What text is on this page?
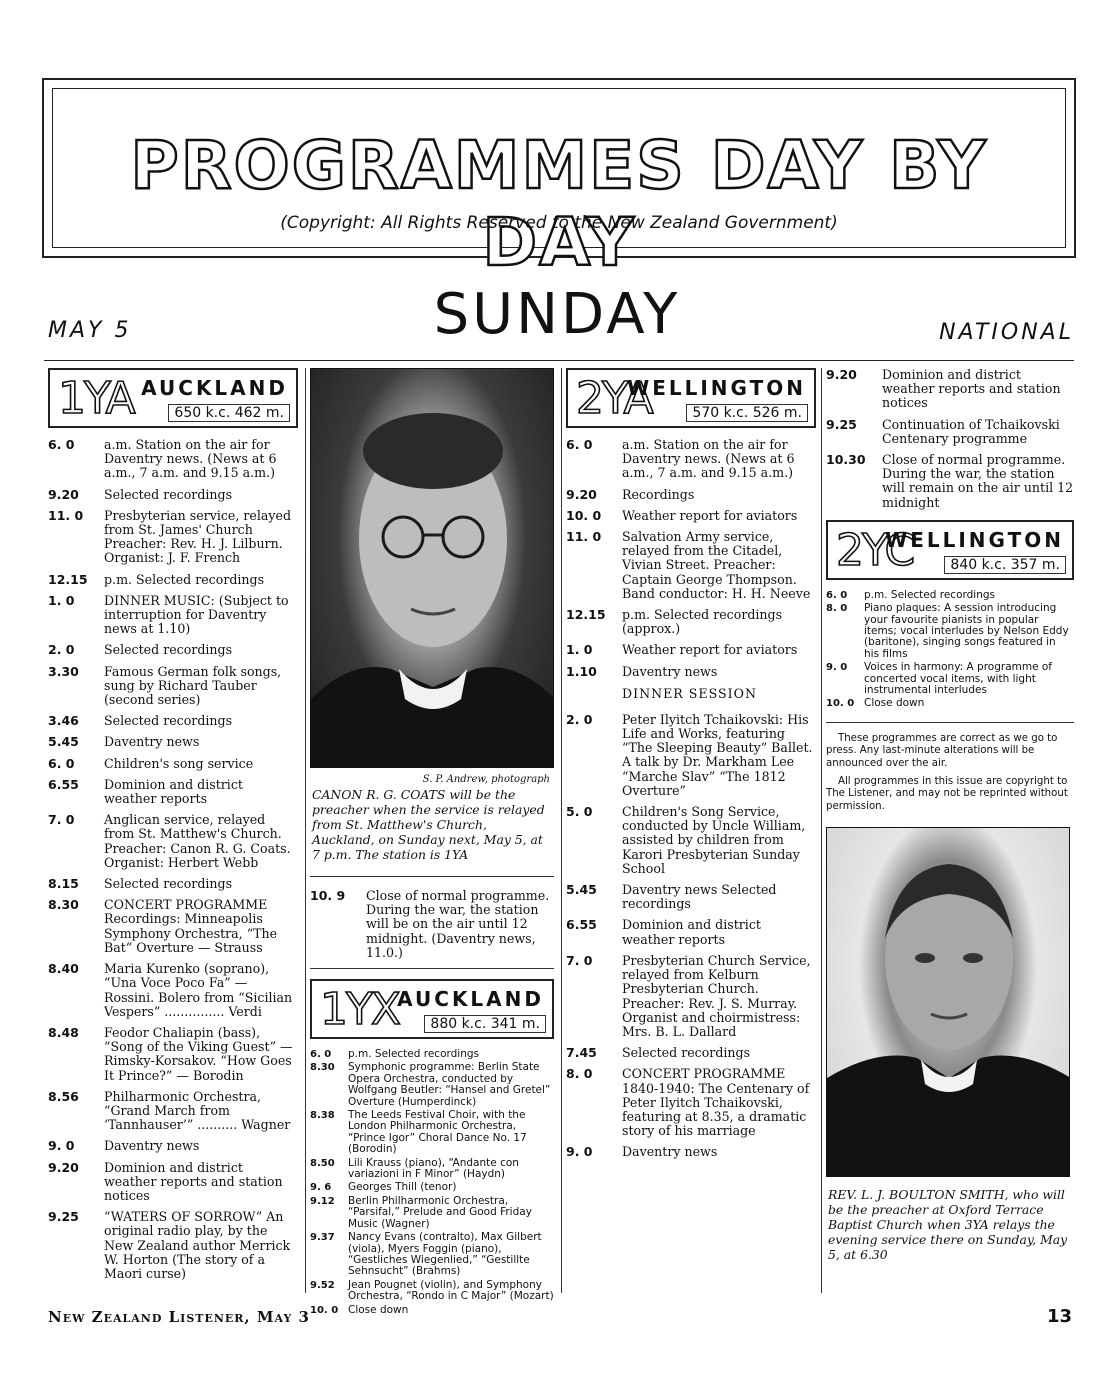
PROGRAMMES DAY BY DAY
(Copyright: All Rights Reserved to the New Zealand Government)
MAY 5	SUNDAY	NATIONAL
1YA AUCKLAND
650 k.c. 462 m.
6. 0	a.m. Station on the air for Daventry news. (News at 6 a.m., 7 a.m. and 9.15 a.m.)
9.20	Selected recordings
11. 0	Presbyterian service, relayed from St. James' Church Preacher: Rev. H. J. Lilburn. Organist: J. F. French
12.15	p.m. Selected recordings
1. 0	DINNER MUSIC: (Subject to interruption for Daventry news at 1.10)
2. 0	Selected recordings
3.30	Famous German folk songs, sung by Richard Tauber (second series)
3.46	Selected recordings
5.45	Daventry news
6. 0	Children's song service
6.55	Dominion and district weather reports
7. 0	Anglican service, relayed from St. Matthew's Church. Preacher: Canon R. G. Coats. Organist: Herbert Webb
8.15	Selected recordings
8.30	CONCERT PROGRAMME Recordings: Minneapolis Symphony Orchestra, “The Bat” Overture — Strauss
8.40	Maria Kurenko (soprano), “Una Voce Poco Fa” — Rossini. Bolero from “Sicilian Vespers” ............... Verdi
8.48	Feodor Chaliapin (bass), “Song of the Viking Guest” — Rimsky-Korsakov. “How Goes It Prince?” — Borodin
8.56	Philharmonic Orchestra, “Grand March from ‘Tannhauser’” .......... Wagner
9. 0	Daventry news
9.20	Dominion and district weather reports and station notices
9.25	“WATERS OF SORROW” An original radio play, by the New Zealand author Merrick W. Horton (The story of a Maori curse)
S. P. Andrew, photograph
CANON R. G. COATS will be the preacher when the service is relayed from St. Matthew's Church, Auckland, on Sunday next, May 5, at 7 p.m. The station is 1YA
10. 9	Close of normal programme. During the war, the station will be on the air until 12 midnight. (Daventry news, 11.0.)
1YX
AUCKLAND
880 k.c. 341 m.
6. 0	p.m. Selected recordings
8.30	Symphonic programme: Berlin State Opera Orchestra, conducted by Wolfgang Beutler: “Hansel and Gretel” Overture (Humperdinck)
8.38	The Leeds Festival Choir, with the London Philharmonic Orchestra, “Prince Igor” Choral Dance No. 17 (Borodin)
8.50	Lili Krauss (piano), “Andante con variazioni in F Minor” (Haydn)
9. 6	Georges Thill (tenor)
9.12	Berlin Philharmonic Orchestra, “Parsifal,” Prelude and Good Friday Music (Wagner)
9.37	Nancy Evans (contralto), Max Gilbert (viola), Myers Foggin (piano), “Gestliches Wiegenlied,” “Gestillte Sehnsucht” (Brahms)
9.52	Jean Pougnet (violin), and Symphony Orchestra, “Rondo in C Major” (Mozart)
10. 0 Close down
2YA
WELLINGTON
570 k.c. 526 m.
6. 0	a.m. Station on the air for Daventry news. (News at 6 a.m., 7 a.m. and 9.15 a.m.)
9.20	Recordings
10. 0	Weather report for aviators
11. 0	Salvation Army service, relayed from the Citadel, Vivian Street. Preacher: Captain George Thompson. Band conductor: H. H. Neeve
12.15	p.m. Selected recordings (approx.)
1. 0	Weather report for aviators
1.10	Daventry news
DINNER SESSION
2. 0	Peter Ilyitch Tchaikovski: His Life and Works, featuring “The Sleeping Beauty” Ballet. A talk by Dr. Markham Lee “Marche Slav” “The 1812 Overture”
5. 0	Children's Song Service, conducted by Uncle William, assisted by children from Karori Presbyterian Sunday School
5.45	Daventry news Selected recordings
6.55	Dominion and district weather reports
7. 0	Presbyterian Church Service, relayed from Kelburn Presbyterian Church. Preacher: Rev. J. S. Murray. Organist and choirmistress: Mrs. B. L. Dallard
7.45	Selected recordings
8. 0	CONCERT PROGRAMME 1840-1940: The Centenary of Peter Ilyitch Tchaikovski, featuring at 8.35, a dramatic story of his marriage
9. 0	Daventry news
9.20	Dominion and district weather reports and station notices
9.25	Continuation of Tchaikovski Centenary programme
10.30	Close of normal programme. During the war, the station will remain on the air until 12 midnight
2YC
WELLINGTON
840 k.c. 357 m.
6. 0	p.m. Selected recordings
8. 0	Piano plaques: A session introducing your favourite pianists in popular items; vocal interludes by Nelson Eddy (baritone), singing songs featured in his films
9. 0	Voices in harmony: A programme of concerted vocal items, with light instrumental interludes
10. 0 Close down
These programmes are correct as we go to press. Any last-minute alterations will be announced over the air.
All programmes in this issue are copyright to The Listener, and may not be reprinted without permission.
REV. L. J. BOULTON SMITH, who will be the preacher at Oxford Terrace Baptist Church when 3YA relays the evening service there on Sunday, May 5, at 6.30
New Zealand Listener, May 3	13
